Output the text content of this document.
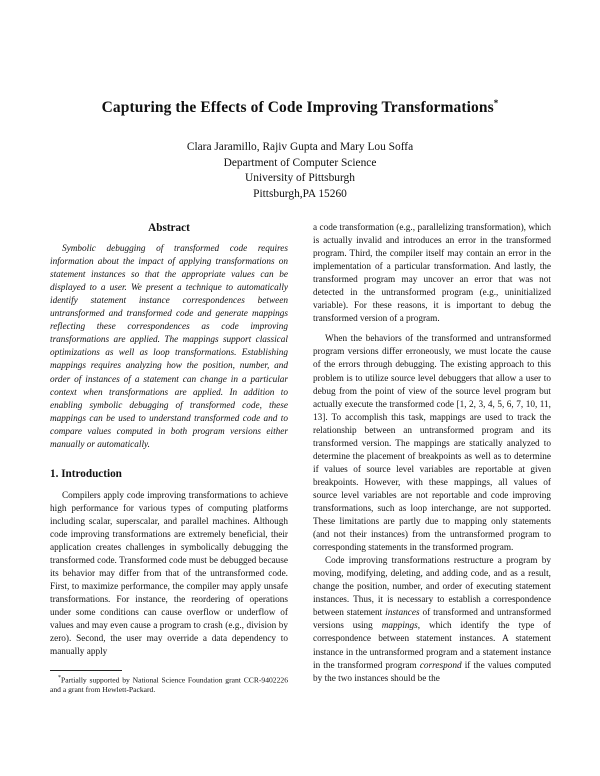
Capturing the Effects of Code Improving Transformations*
Clara Jaramillo, Rajiv Gupta and Mary Lou Soffa
Department of Computer Science
University of Pittsburgh
Pittsburgh,PA 15260
Abstract

Symbolic debugging of transformed code requires information about the impact of applying transformations on statement instances so that the appropriate values can be displayed to a user. We present a technique to automatically identify statement instance correspondences between untransformed and transformed code and generate mappings reflecting these correspondences as code improving transformations are applied. The mappings support classical optimizations as well as loop transformations. Establishing mappings requires analyzing how the position, number, and order of instances of a statement can change in a particular context when transformations are applied. In addition to enabling symbolic debugging of transformed code, these mappings can be used to understand transformed code and to compare values computed in both program versions either manually or automatically.

1. Introduction

Compilers apply code improving transformations to achieve high performance for various types of computing platforms including scalar, superscalar, and parallel machines. Although code improving transformations are extremely beneficial, their application creates challenges in symbolically debugging the transformed code. Transformed code must be debugged because its behavior may differ from that of the untransformed code. First, to maximize performance, the compiler may apply unsafe transformations. For instance, the reordering of operations under some conditions can cause overflow or underflow of values and may even cause a program to crash (e.g., division by zero). Second, the user may override a data dependency to manually apply

*Partially supported by National Science Foundation grant CCR-9402226 and a grant from Hewlett-Packard.

a code transformation (e.g., parallelizing transformation), which is actually invalid and introduces an error in the transformed program. Third, the compiler itself may contain an error in the implementation of a particular transformation. And lastly, the transformed program may uncover an error that was not detected in the untransformed program (e.g., uninitialized variable). For these reasons, it is important to debug the transformed version of a program.

When the behaviors of the transformed and untransformed program versions differ erroneously, we must locate the cause of the errors through debugging. The existing approach to this problem is to utilize source level debuggers that allow a user to debug from the point of view of the source level program but actually execute the transformed code [1, 2, 3, 4, 5, 6, 7, 10, 11, 13]. To accomplish this task, mappings are used to track the relationship between an untransformed program and its transformed version. The mappings are statically analyzed to determine the placement of breakpoints as well as to determine if values of source level variables are reportable at given breakpoints. However, with these mappings, all values of source level variables are not reportable and code improving transformations, such as loop interchange, are not supported. These limitations are partly due to mapping only statements (and not their instances) from the untransformed program to corresponding statements in the transformed program.

Code improving transformations restructure a program by moving, modifying, deleting, and adding code, and as a result, change the position, number, and order of executing statement instances. Thus, it is necessary to establish a correspondence between statement instances of transformed and untransformed versions using mappings, which identify the type of correspondence between statement instances. A statement instance in the untransformed program and a statement instance in the transformed program correspond if the values computed by the two instances should be the
